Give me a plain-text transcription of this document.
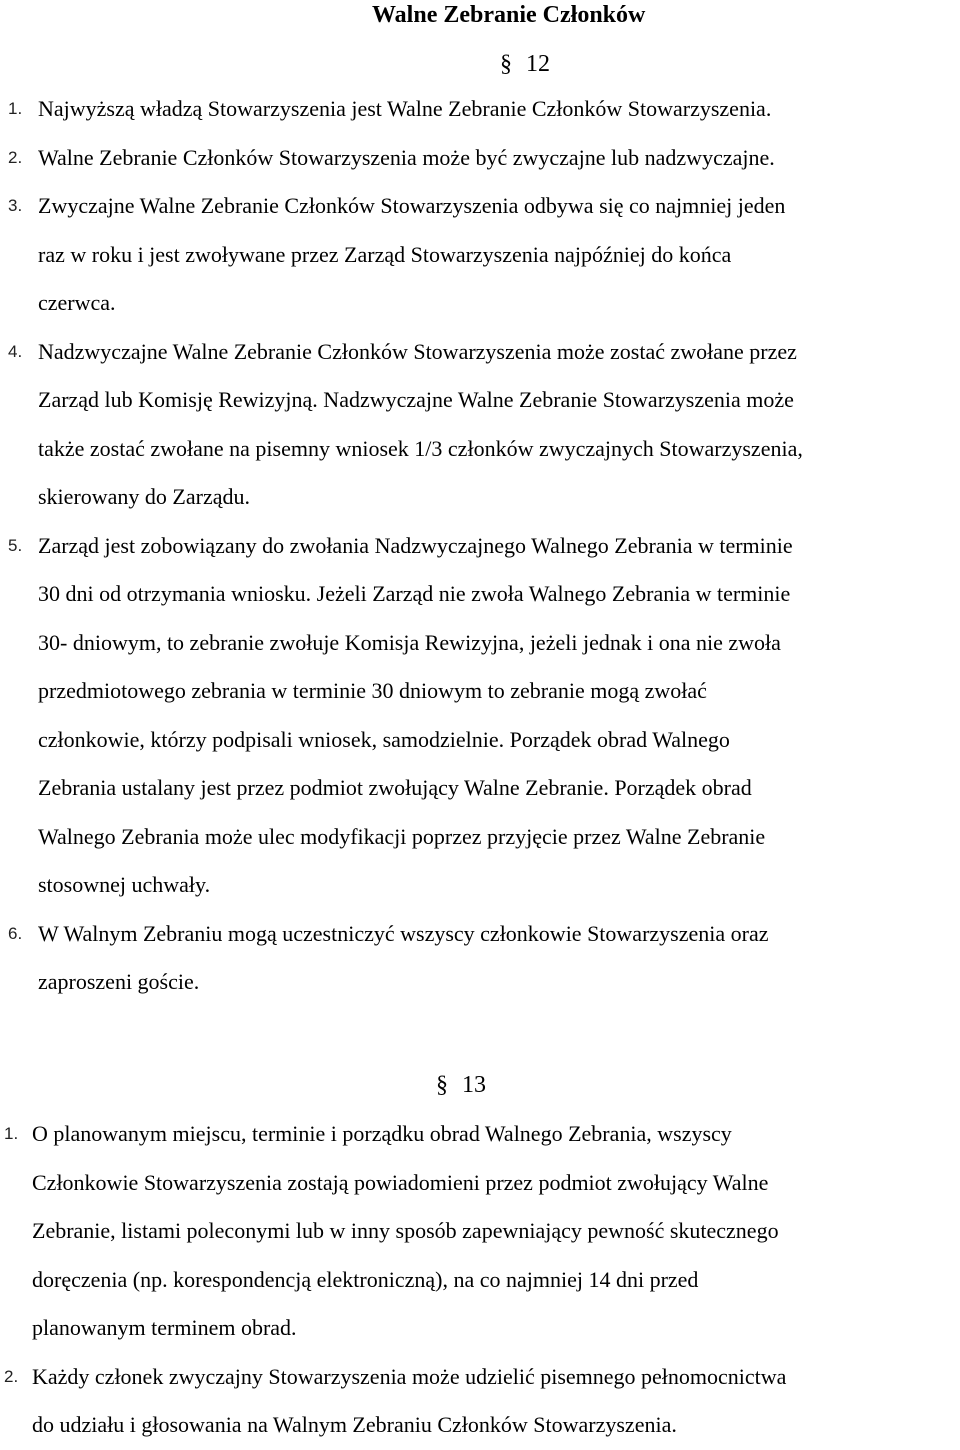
Walne Zebranie Członków
§ 12
1. Najwyższą władzą Stowarzyszenia jest Walne Zebranie Członków Stowarzyszenia.
2. Walne Zebranie Członków Stowarzyszenia może być zwyczajne lub nadzwyczajne.
3. Zwyczajne Walne Zebranie Członków Stowarzyszenia odbywa się co najmniej jeden
raz w roku i jest zwoływane przez Zarząd Stowarzyszenia najpóźniej do końca
czerwca.
4. Nadzwyczajne Walne Zebranie Członków Stowarzyszenia może zostać zwołane przez
Zarząd lub Komisję Rewizyjną. Nadzwyczajne Walne Zebranie Stowarzyszenia może
także zostać zwołane na pisemny wniosek 1/3 członków zwyczajnych Stowarzyszenia,
skierowany do Zarządu.
5. Zarząd jest zobowiązany do zwołania Nadzwyczajnego Walnego Zebrania w terminie
30 dni od otrzymania wniosku. Jeżeli Zarząd nie zwoła Walnego Zebrania w terminie
30- dniowym, to zebranie zwołuje Komisja Rewizyjna, jeżeli jednak i ona nie zwoła
przedmiotowego zebrania w terminie 30 dniowym to zebranie mogą zwołać
członkowie, którzy podpisali wniosek, samodzielnie. Porządek obrad Walnego
Zebrania ustalany jest przez podmiot zwołujący Walne Zebranie. Porządek obrad
Walnego Zebrania może ulec modyfikacji poprzez przyjęcie przez Walne Zebranie
stosownej uchwały.
6. W Walnym Zebraniu mogą uczestniczyć wszyscy członkowie Stowarzyszenia oraz
zaproszeni goście.
§ 13
1. O planowanym miejscu, terminie i porządku obrad Walnego Zebrania, wszyscy
Członkowie Stowarzyszenia zostają powiadomieni przez podmiot zwołujący Walne
Zebranie, listami poleconymi lub w inny sposób zapewniający pewność skutecznego
doręczenia (np. korespondencją elektroniczną), na co najmniej 14 dni przed
planowanym terminem obrad.
2. Każdy członek zwyczajny Stowarzyszenia może udzielić pisemnego pełnomocnictwa
do udziału i głosowania na Walnym Zebraniu Członków Stowarzyszenia.
